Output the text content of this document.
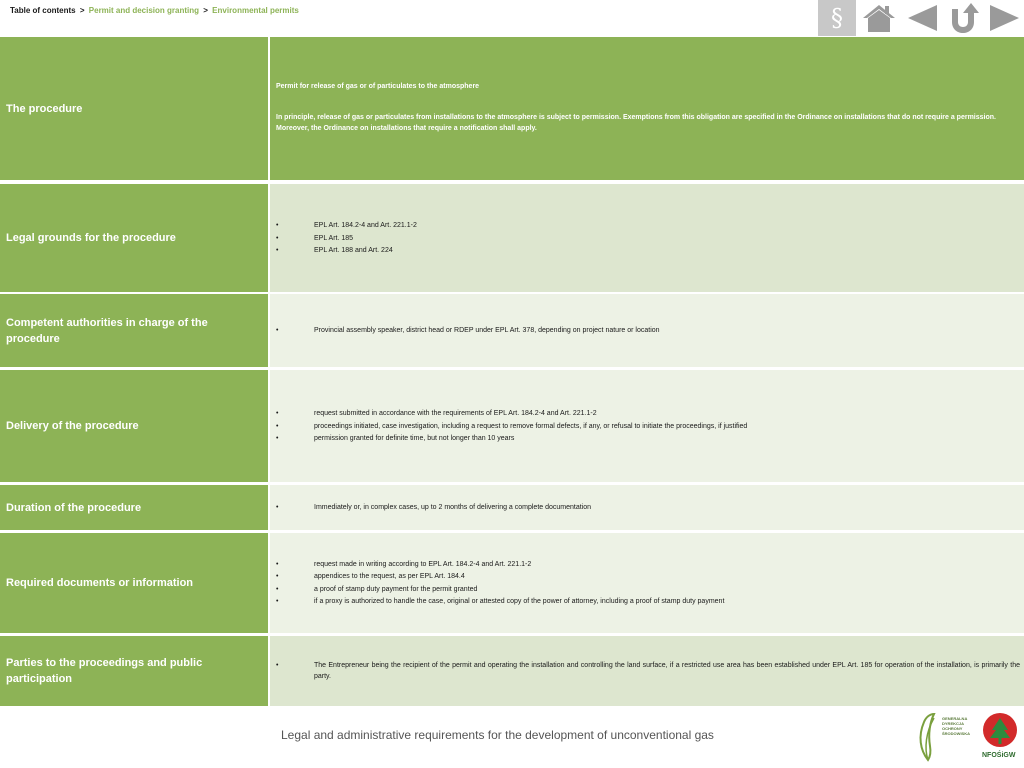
Table of contents > Permit and decision granting > Environmental permits	§
The procedure
Permit for release of gas or of particulates to the atmosphere
In principle, release of gas or particulates from installations to the atmosphere is subject to permission. Exemptions from this obligation are specified in the Ordinance on installations that do not require a permission. Moreover, the Ordinance on installations that require a notification shall apply.
Legal grounds for the procedure
• EPL Art. 184.2-4 and Art. 221.1-2
• EPL Art. 185
• EPL Art. 188 and Art. 224
Competent authorities in charge of the procedure
• Provincial assembly speaker, district head or RDEP under EPL Art. 378, depending on project nature or location
Delivery of the procedure
• request submitted in accordance with the requirements of EPL Art. 184.2-4 and Art. 221.1-2
• proceedings initiated, case investigation, including a request to remove formal defects, if any, or refusal to initiate the proceedings, if justified
• permission granted for definite time, but not longer than 10 years
Duration of the procedure
•	Immediately or, in complex cases, up to 2 months of delivering a complete documentation
Required documents or information
• request made in writing according to EPL Art. 184.2-4 and Art. 221.1-2
• appendices to the request, as per EPL Art. 184.4
• a proof of stamp duty payment for the permit granted
• if a proxy is authorized to handle the case, original or attested copy of the power of attorney, including a proof of stamp duty payment
Parties to the proceedings and public participation
• The Entrepreneur being the recipient of the permit and operating the installation and controlling the land surface, if a restricted use area has been established under EPL Art. 185 for operation of the installation, is primarily the party.
Legal and administrative requirements for the development of unconventional gas
GENERALNA
DYREKCJA
OCHRONY
ŚRODOWISKA
NFOŚiGW
